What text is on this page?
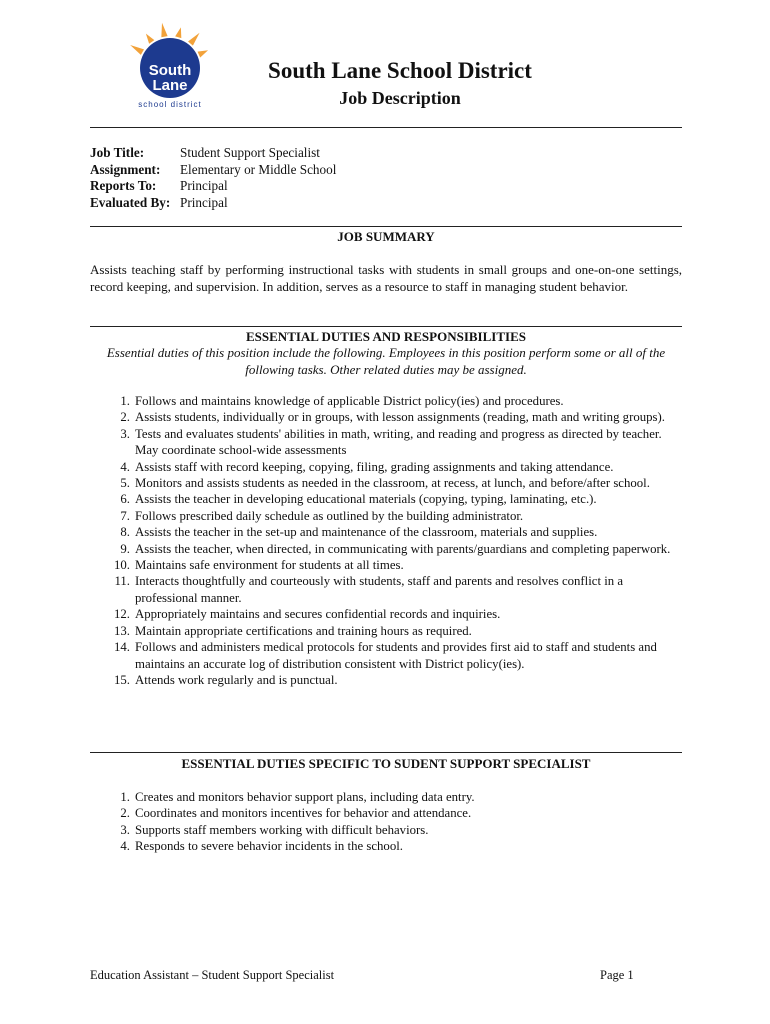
South
Lane
school district
South Lane School District
Job Description
Job Title:	Student Support Specialist
Assignment:	Elementary or Middle School
Reports To:	Principal
Evaluated By: Principal
JOB SUMMARY

Assists teaching staff by performing instructional tasks with students in small groups and one-on-one settings, record keeping, and supervision. In addition, serves as a resource to staff in managing student behavior.

ESSENTIAL DUTIES AND RESPONSIBILITIES
Essential duties of this position include the following. Employees in this position perform some or all of the following tasks. Other related duties may be assigned.
1. Follows and maintains knowledge of applicable District policy(ies) and procedures.
2. Assists students, individually or in groups, with lesson assignments (reading, math and writing groups).
3. Tests and evaluates students' abilities in math, writing, and reading and progress as directed by teacher. May coordinate school-wide assessments
4. Assists staff with record keeping, copying, filing, grading assignments and taking attendance.
5. Monitors and assists students as needed in the classroom, at recess, at lunch, and before/after school.
6. Assists the teacher in developing educational materials (copying, typing, laminating, etc.).
7. Follows prescribed daily schedule as outlined by the building administrator.
8. Assists the teacher in the set-up and maintenance of the classroom, materials and supplies.
9. Assists the teacher, when directed, in communicating with parents/guardians and completing paperwork.
10. Maintains safe environment for students at all times.
11. Interacts thoughtfully and courteously with students, staff and parents and resolves conflict in a professional manner.
12. Appropriately maintains and secures confidential records and inquiries.
13. Maintain appropriate certifications and training hours as required.
14. Follows and administers medical protocols for students and provides first aid to staff and students and maintains an accurate log of distribution consistent with District policy(ies).
15. Attends work regularly and is punctual.
ESSENTIAL DUTIES SPECIFIC TO SUDENT SUPPORT SPECIALIST
1. Creates and monitors behavior support plans, including data entry.
2. Coordinates and monitors incentives for behavior and attendance.
3. Supports staff members working with difficult behaviors.
4. Responds to severe behavior incidents in the school.
Education Assistant – Student Support Specialist	Page 1
